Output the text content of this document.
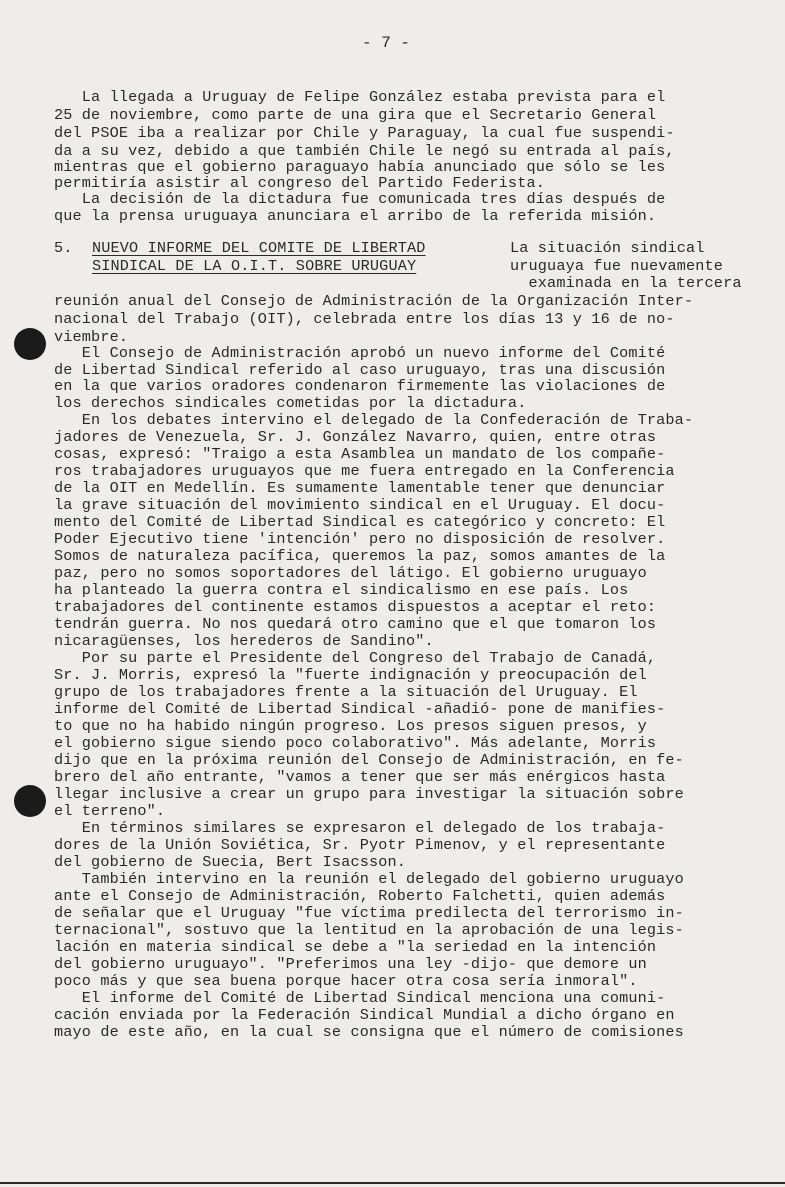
- 7 -
La llegada a Uruguay de Felipe González estaba prevista para el
25 de noviembre, como parte de una gira que el Secretario General
del PSOE iba a realizar por Chile y Paraguay, la cual fue suspendi-
da a su vez, debido a que también Chile le negó su entrada al país,
mientras que el gobierno paraguayo había anunciado que sólo se les
permitiría asistir al congreso del Partido Federista.
La decisión de la dictadura fue comunicada tres días después de
que la prensa uruguaya anunciara el arribo de la referida misión.
5. NUEVO INFORME DEL COMITE DE LIBERTAD
SINDICAL DE LA O.I.T. SOBRE URUGUAY
La situación sindical
uruguaya fue nuevamente
examinada en la tercera
reunión anual del Consejo de Administración de la Organización Inter-
nacional del Trabajo (OIT), celebrada entre los días 13 y 16 de no-
viembre.
El Consejo de Administración aprobó un nuevo informe del Comité
de Libertad Sindical referido al caso uruguayo, tras una discusión
en la que varios oradores condenaron firmemente las violaciones de
los derechos sindicales cometidas por la dictadura.
En los debates intervino el delegado de la Confederación de Traba-
jadores de Venezuela, Sr. J. González Navarro, quien, entre otras
cosas, expresó: "Traigo a esta Asamblea un mandato de los compañe-
ros trabajadores uruguayos que me fuera entregado en la Conferencia
de la OIT en Medellín. Es sumamente lamentable tener que denunciar
la grave situación del movimiento sindical en el Uruguay. El docu-
mento del Comité de Libertad Sindical es categórico y concreto: El
Poder Ejecutivo tiene 'intención' pero no disposición de resolver.
Somos de naturaleza pacífica, queremos la paz, somos amantes de la
paz, pero no somos soportadores del látigo. El gobierno uruguayo
ha planteado la guerra contra el sindicalismo en ese país. Los
trabajadores del continente estamos dispuestos a aceptar el reto:
tendrán guerra. No nos quedará otro camino que el que tomaron los
nicaragüenses, los herederos de Sandino".
Por su parte el Presidente del Congreso del Trabajo de Canadá,
Sr. J. Morris, expresó la "fuerte indignación y preocupación del
grupo de los trabajadores frente a la situación del Uruguay. El
informe del Comité de Libertad Sindical -añadió- pone de manifies-
to que no ha habido ningún progreso. Los presos siguen presos, y
el gobierno sigue siendo poco colaborativo". Más adelante, Morris
dijo que en la próxima reunión del Consejo de Administración, en fe-
brero del año entrante, "vamos a tener que ser más enérgicos hasta
llegar inclusive a crear un grupo para investigar la situación sobre
el terreno".
En términos similares se expresaron el delegado de los trabaja-
dores de la Unión Soviética, Sr. Pyotr Pimenov, y el representante
del gobierno de Suecia, Bert Isacsson.
También intervino en la reunión el delegado del gobierno uruguayo
ante el Consejo de Administración, Roberto Falchetti, quien además
de señalar que el Uruguay "fue víctima predilecta del terrorismo in-
ternacional", sostuvo que la lentitud en la aprobación de una legis-
lación en materia sindical se debe a "la seriedad en la intención
del gobierno uruguayo". "Preferimos una ley -dijo- que demore un
poco más y que sea buena porque hacer otra cosa sería inmoral".
El informe del Comité de Libertad Sindical menciona una comuni-
cación enviada por la Federación Sindical Mundial a dicho órgano en
mayo de este año, en la cual se consigna que el número de comisiones
